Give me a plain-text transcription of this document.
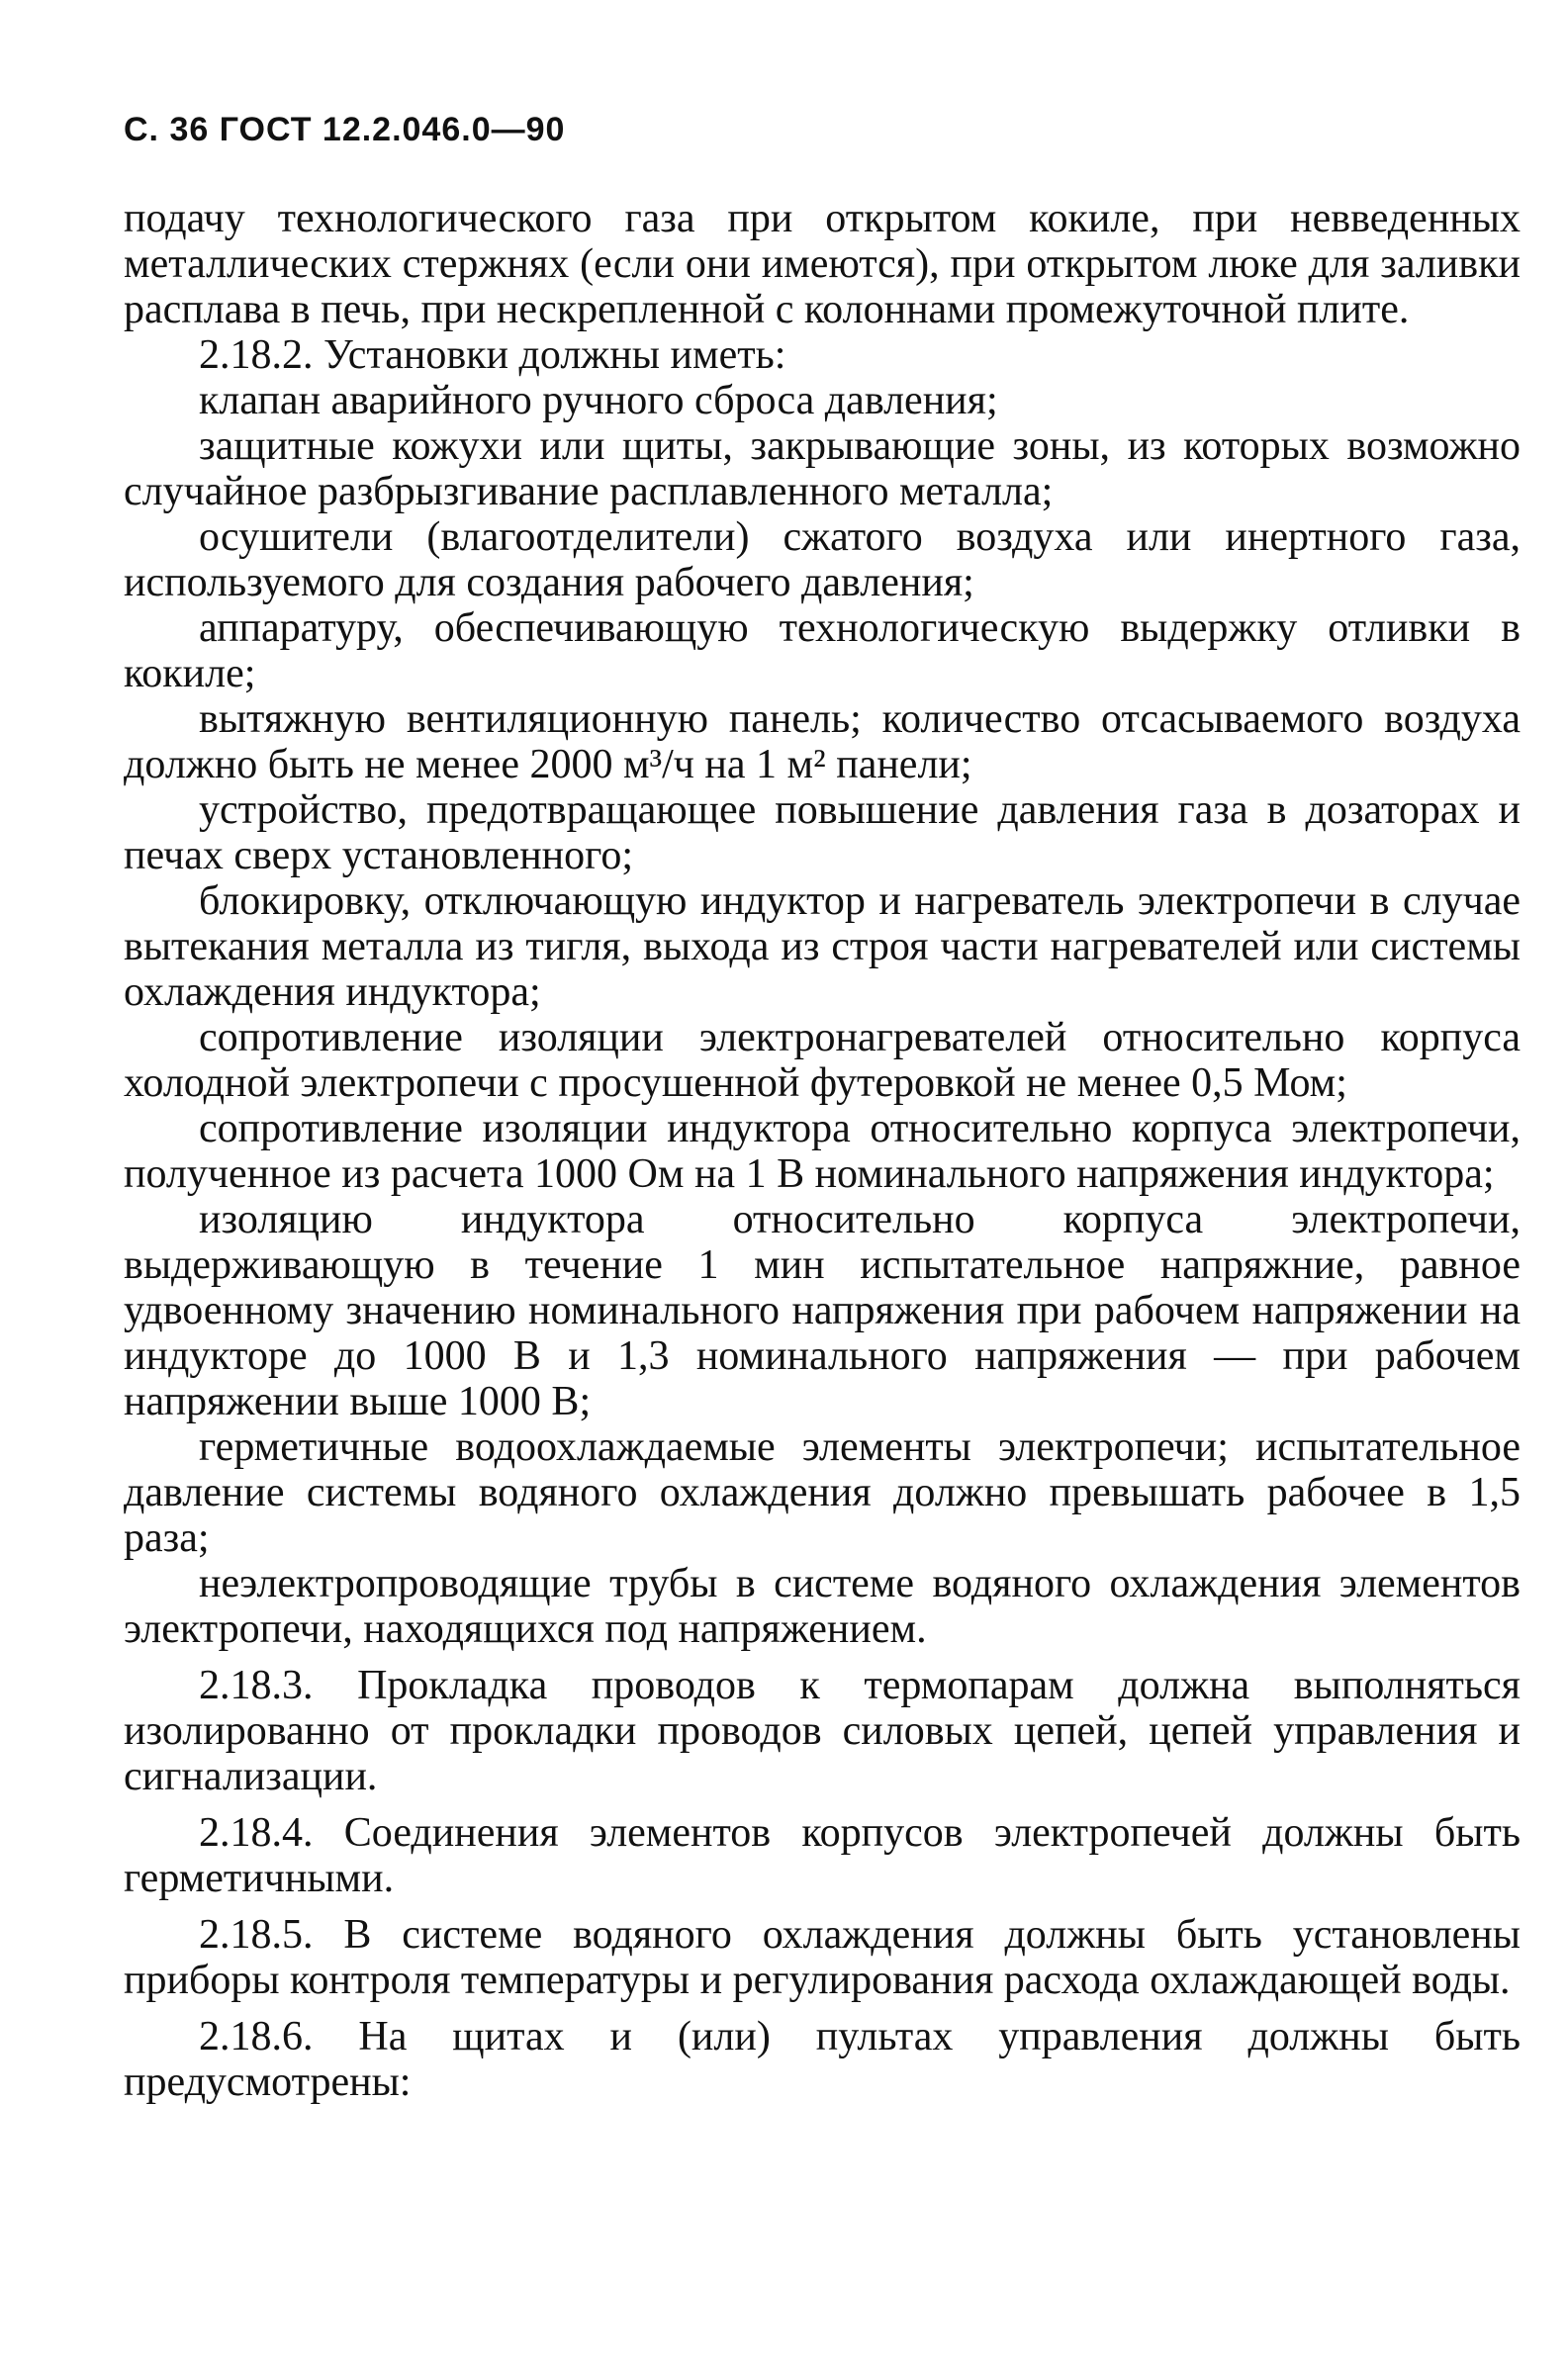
С. 36 ГОСТ 12.2.046.0—90

подачу технологического газа при открытом кокиле, при невведенных металлических стержнях (если они имеются), при открытом люке для заливки расплава в печь, при нескрепленной с колоннами промежуточной плите.

2.18.2. Установки должны иметь:

клапан аварийного ручного сброса давления;

защитные кожухи или щиты, закрывающие зоны, из которых возможно случайное разбрызгивание расплавленного металла;

осушители (влагоотделители) сжатого воздуха или инертного газа, используемого для создания рабочего давления;

аппаратуру, обеспечивающую технологическую выдержку отливки в кокиле;

вытяжную вентиляционную панель; количество отсасываемого воздуха должно быть не менее 2000 м³/ч на 1 м² панели;

устройство, предотвращающее повышение давления газа в дозаторах и печах сверх установленного;

блокировку, отключающую индуктор и нагреватель электропечи в случае вытекания металла из тигля, выхода из строя части нагревателей или системы охлаждения индуктора;

сопротивление изоляции электронагревателей относительно корпуса холодной электропечи с просушенной футеровкой не менее 0,5 Мом;

сопротивление изоляции индуктора относительно корпуса электропечи, полученное из расчета 1000 Ом на 1 В номинального напряжения индуктора;

изоляцию индуктора относительно корпуса электропечи, выдерживающую в течение 1 мин испытательное напряжние, равное удвоенному значению номинального напряжения при рабочем напряжении на индукторе до 1000 В и 1,3 номинального напряжения — при рабочем напряжении выше 1000 В;

герметичные водоохлаждаемые элементы электропечи; испытательное давление системы водяного охлаждения должно превышать рабочее в 1,5 раза;

неэлектропроводящие трубы в системе водяного охлаждения элементов электропечи, находящихся под напряжением.

2.18.3. Прокладка проводов к термопарам должна выполняться изолированно от прокладки проводов силовых цепей, цепей управления и сигнализации.

2.18.4. Соединения элементов корпусов электропечей должны быть герметичными.

2.18.5. В системе водяного охлаждения должны быть установлены приборы контроля температуры и регулирования расхода охлаждающей воды.

2.18.6. На щитах и (или) пультах управления должны быть предусмотрены:
